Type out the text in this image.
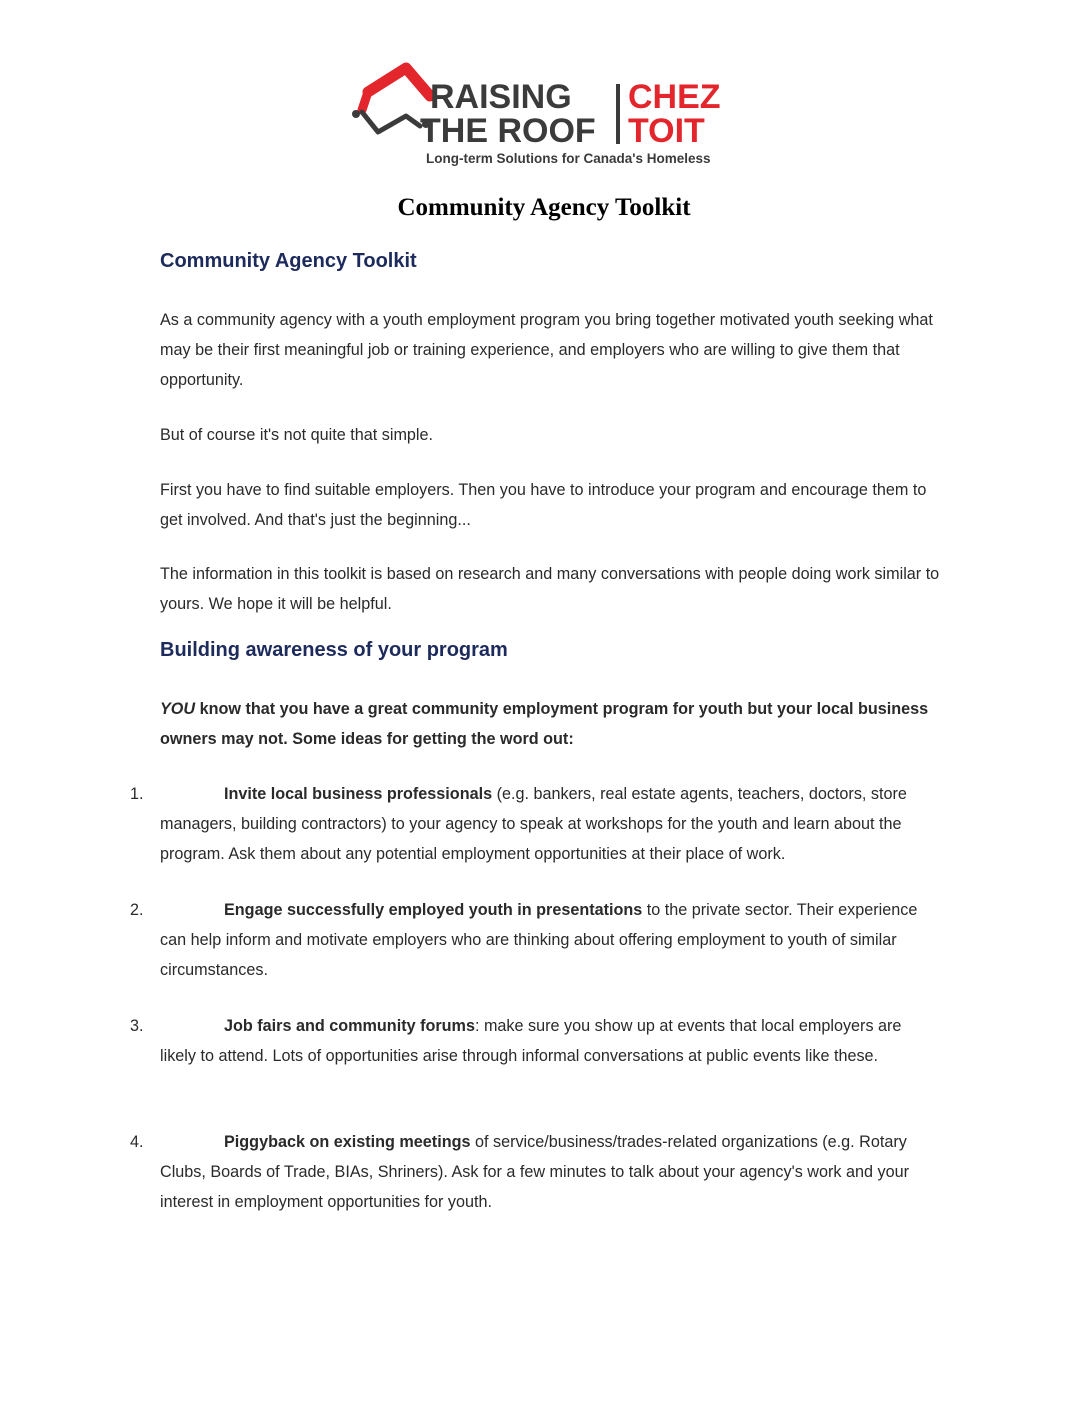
RAISING
THE ROOF
CHEZ
TOIT
Long-term Solutions for Canada's Homeless
Community Agency Toolkit
Community Agency Toolkit

As a community agency with a youth employment program you bring together motivated youth seeking what may be their first meaningful job or training experience, and employers who are willing to give them that opportunity.

But of course it's not quite that simple.

First you have to find suitable employers. Then you have to introduce your program and encourage them to get involved. And that's just the beginning...

The information in this toolkit is based on research and many conversations with people doing work similar to yours. We hope it will be helpful.

Building awareness of your program

YOU know that you have a great community employment program for youth but your local business owners may not. Some ideas for getting the word out:

1.	Invite local business professionals (e.g. bankers, real estate agents, teachers, doctors, store managers, building contractors) to your agency to speak at workshops for the youth and learn about the program. Ask them about any potential employment opportunities at their place of work.
2.	Engage successfully employed youth in presentations to the private sector. Their experience can help inform and motivate employers who are thinking about offering employment to youth of similar circumstances.
3.	Job fairs and community forums: make sure you show up at events that local employers are likely to attend. Lots of opportunities arise through informal conversations at public events like these.
4.	Piggyback on existing meetings of service/business/trades-related organizations (e.g. Rotary Clubs, Boards of Trade, BIAs, Shriners). Ask for a few minutes to talk about your agency's work and your interest in employment opportunities for youth.
